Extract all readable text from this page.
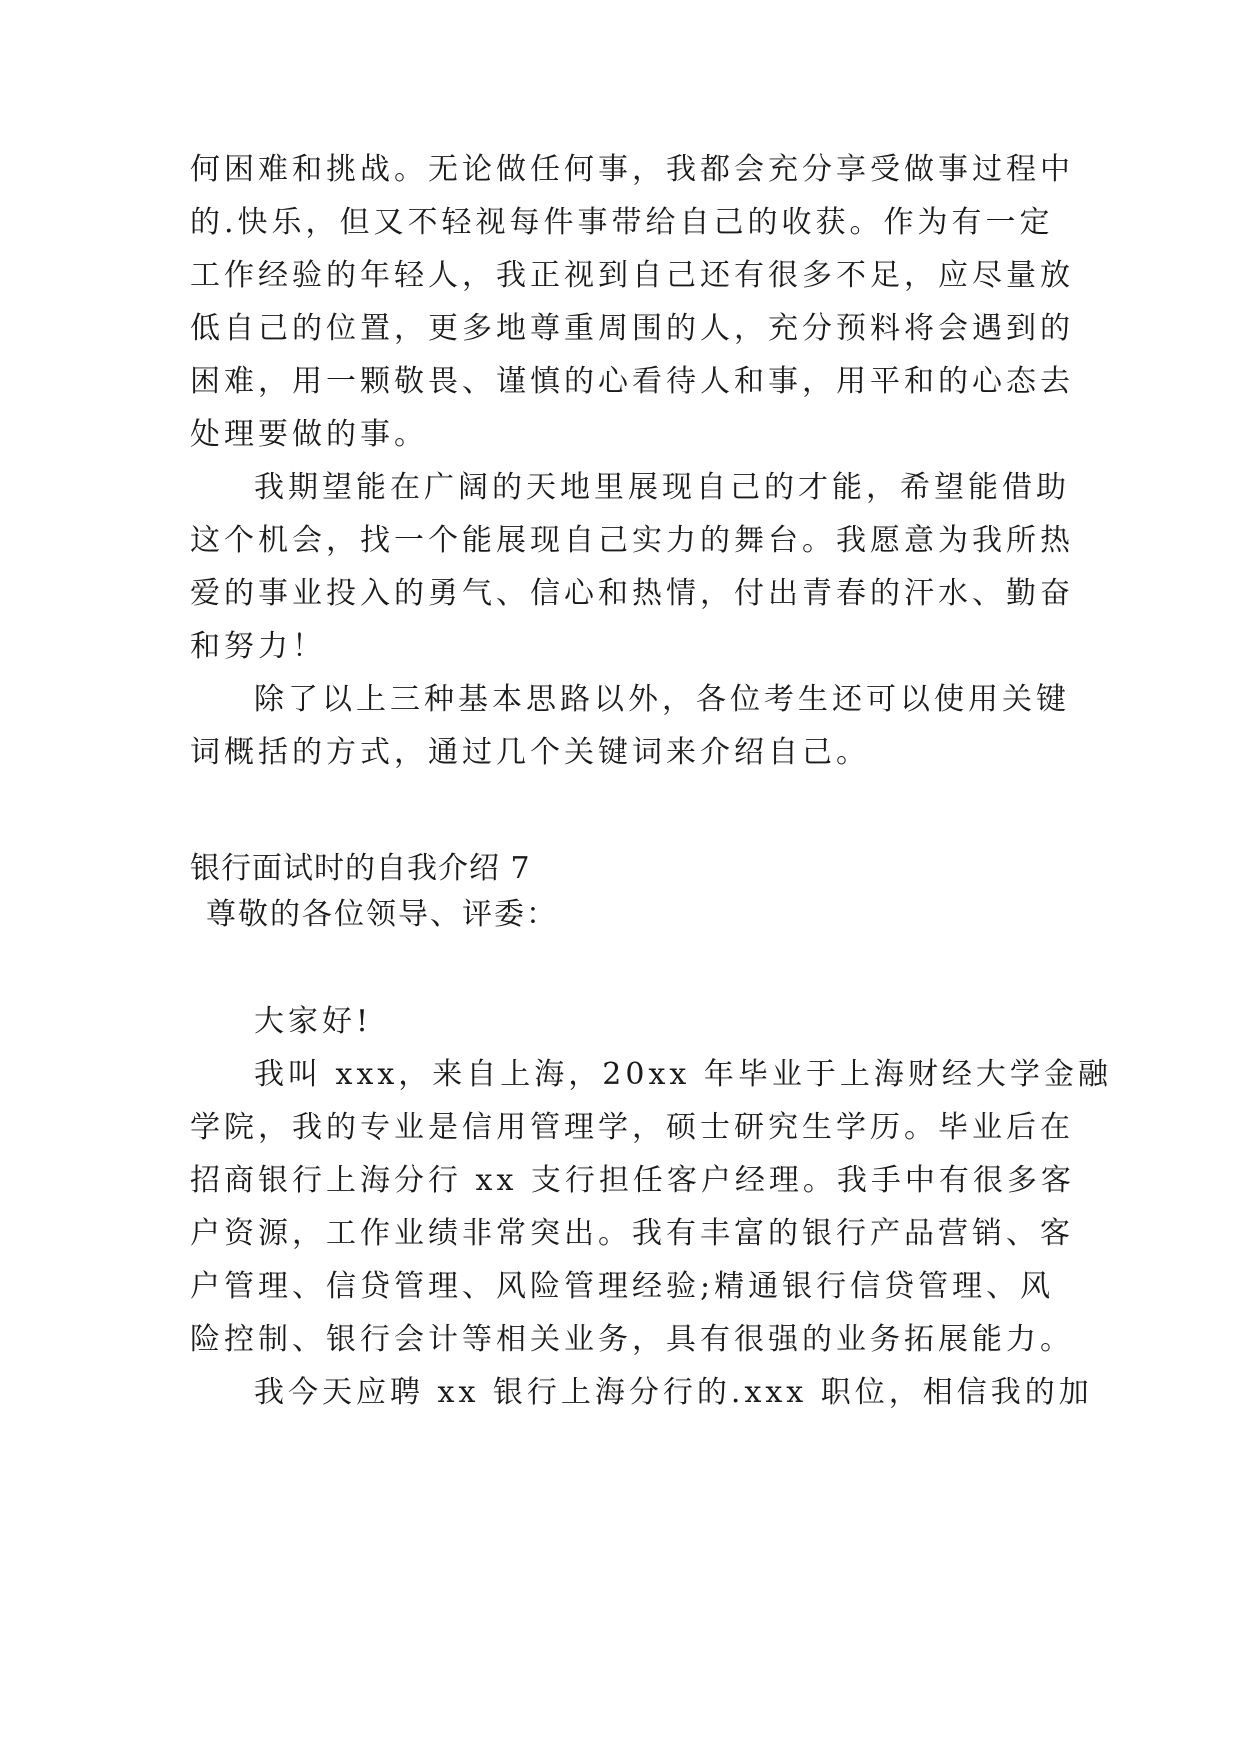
何困难和挑战。无论做任何事，我都会充分享受做事过程中
的.快乐，但又不轻视每件事带给自己的收获。作为有一定
工作经验的年轻人，我正视到自己还有很多不足，应尽量放
低自己的位置，更多地尊重周围的人，充分预料将会遇到的
困难，用一颗敬畏、谨慎的心看待人和事，用平和的心态去
处理要做的事。
我期望能在广阔的天地里展现自己的才能，希望能借助
这个机会，找一个能展现自己实力的舞台。我愿意为我所热
爱的事业投入的勇气、信心和热情，付出青春的汗水、勤奋
和努力！
除了以上三种基本思路以外，各位考生还可以使用关键
词概括的方式，通过几个关键词来介绍自己。
银行面试时的自我介绍 7
尊敬的各位领导、评委：
大家好!
我叫 xxx，来自上海，20xx 年毕业于上海财经大学金融
学院，我的专业是信用管理学，硕士研究生学历。毕业后在
招商银行上海分行 xx 支行担任客户经理。我手中有很多客
户资源，工作业绩非常突出。我有丰富的银行产品营销、客
户管理、信贷管理、风险管理经验;精通银行信贷管理、风
险控制、银行会计等相关业务，具有很强的业务拓展能力。
我今天应聘 xx 银行上海分行的.xxx 职位，相信我的加
